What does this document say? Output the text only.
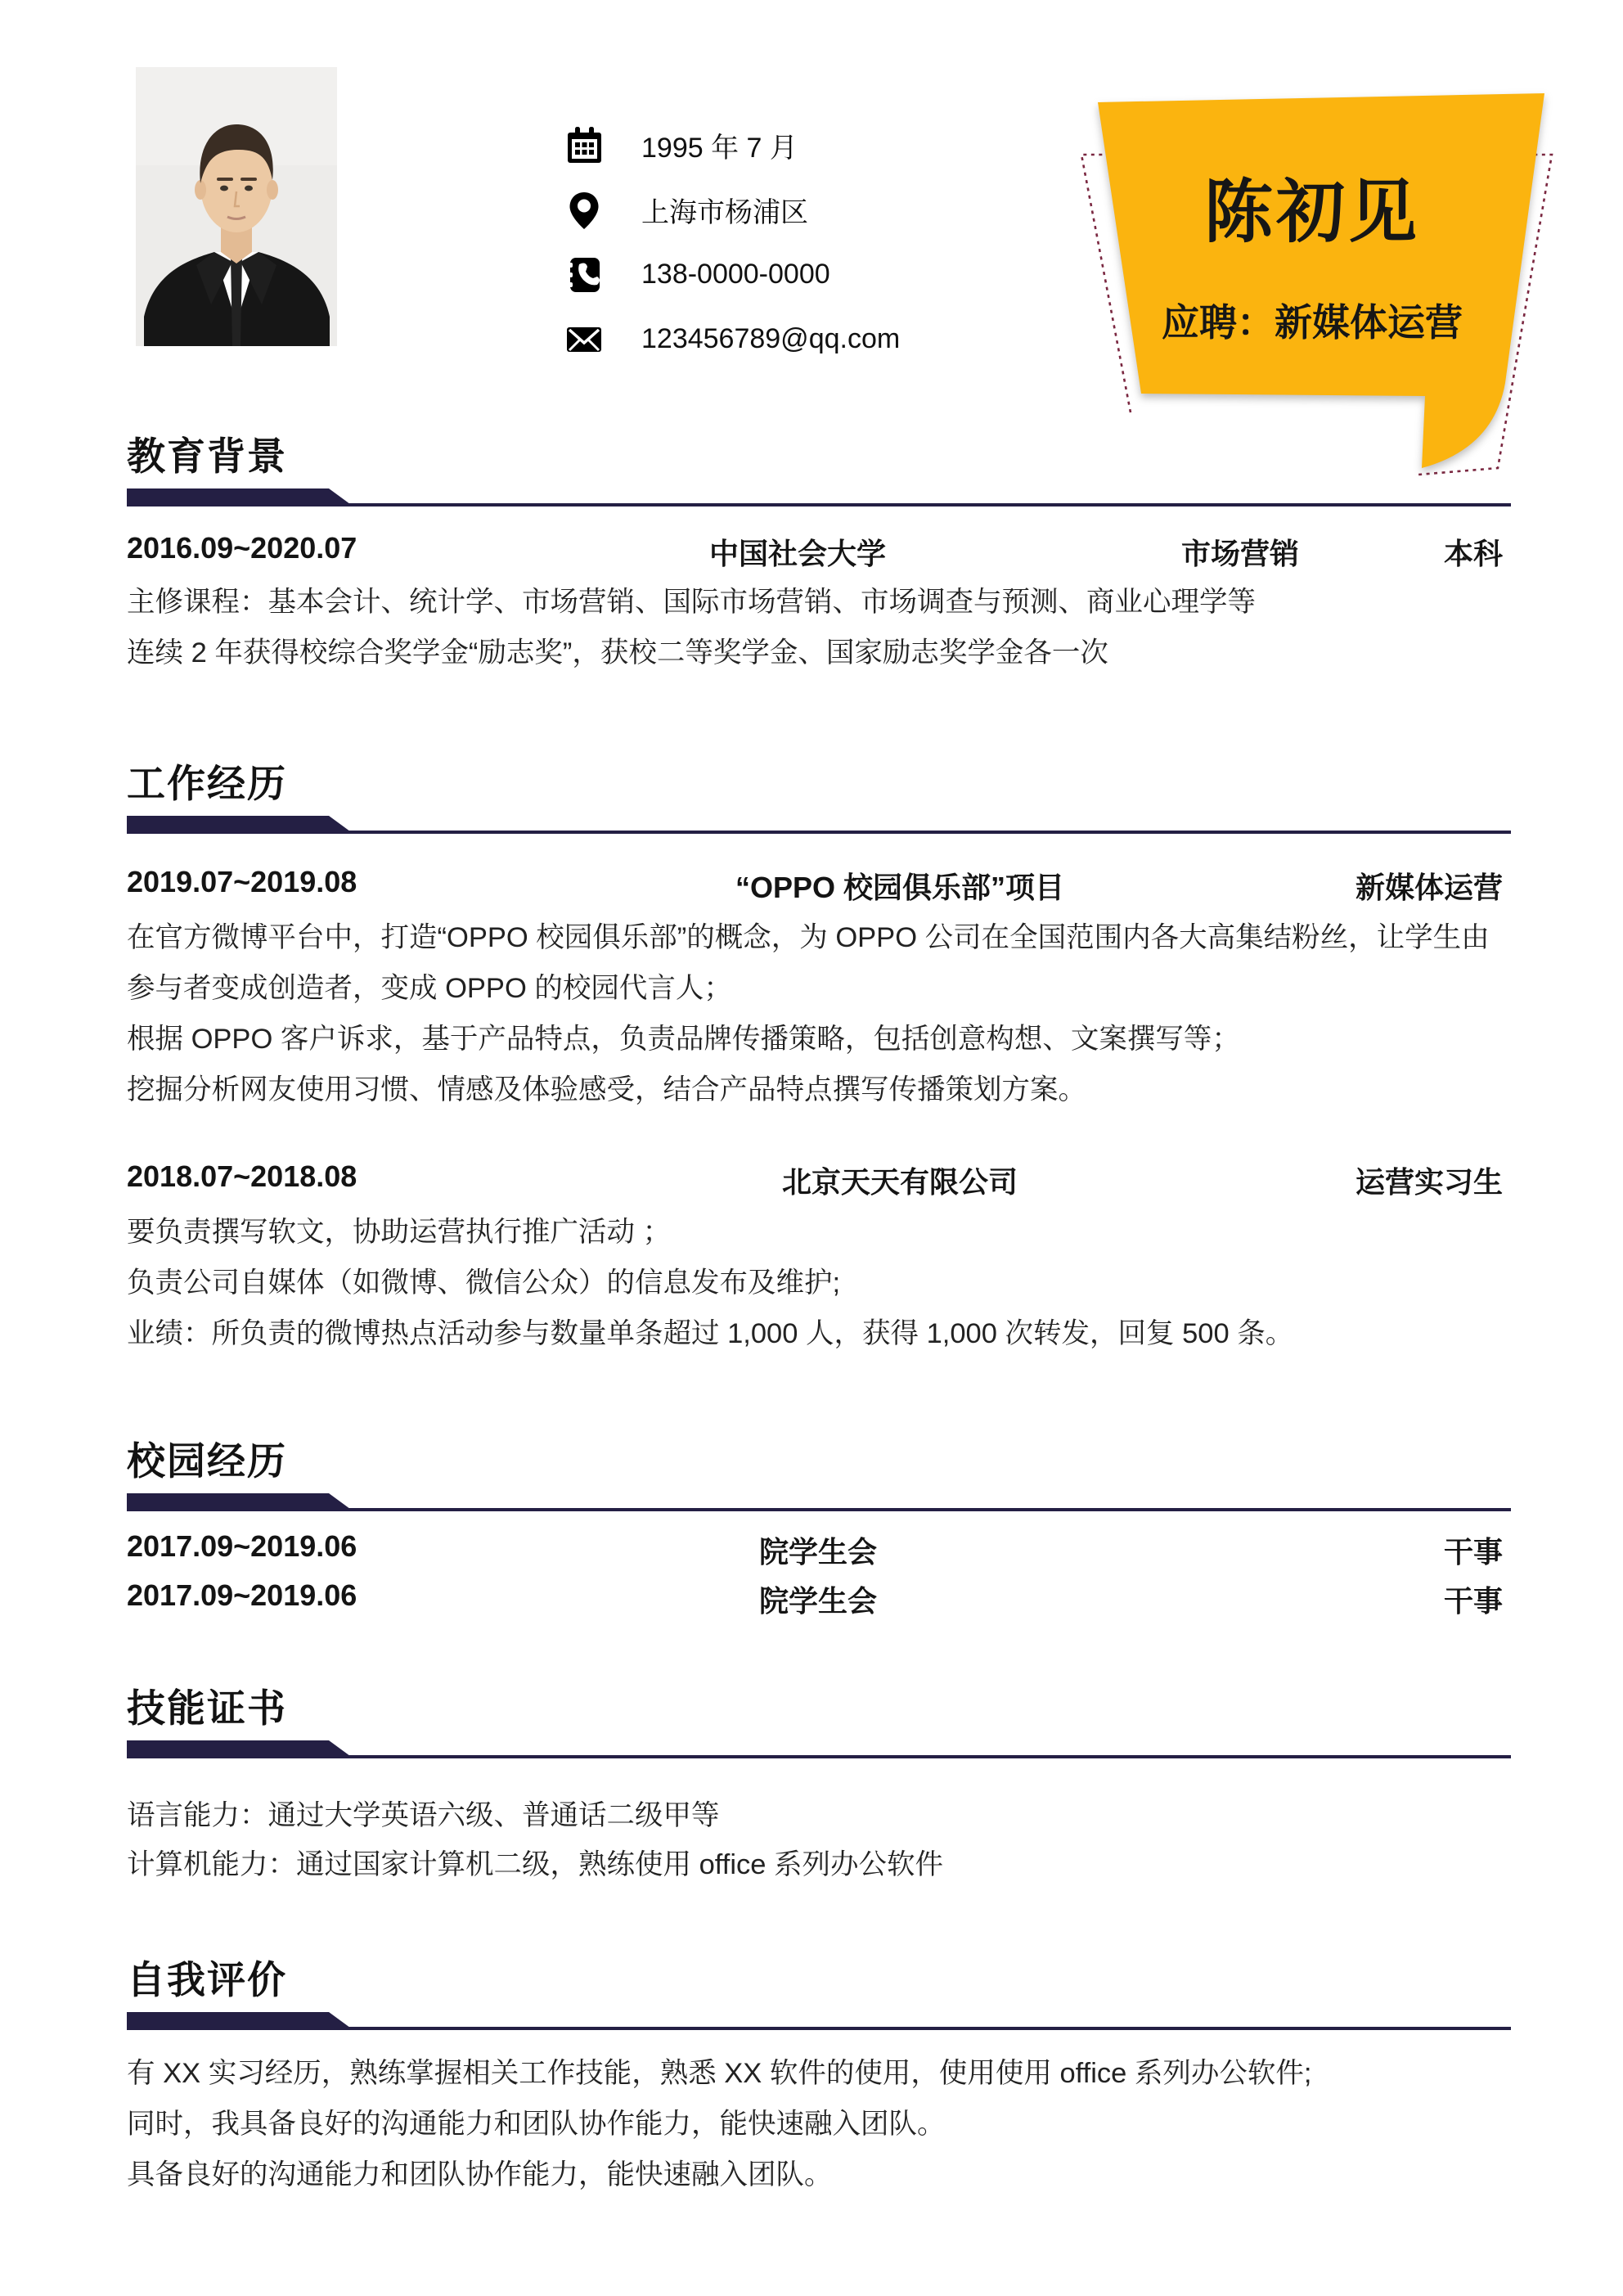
1995 年 7 月
上海市杨浦区
138-0000-0000
123456789@qq.com
陈初见
应聘：新媒体运营
教育背景
2016.09~2020.07	中国社会大学	市场营销	本科

主修课程：基本会计、统计学、市场营销、国际市场营销、市场调查与预测、商业心理学等

连续 2 年获得校综合奖学金“励志奖”，获校二等奖学金、国家励志奖学金各一次

工作经历
2019.07~2019.08	“OPPO 校园俱乐部”项目	新媒体运营

在官方微博平台中，打造“OPPO 校园俱乐部”的概念，为 OPPO 公司在全国范围内各大高集结粉丝，让学生由参与者变成创造者，变成 OPPO 的校园代言人；

根据 OPPO 客户诉求，基于产品特点，负责品牌传播策略，包括创意构想、文案撰写等；

挖掘分析网友使用习惯、情感及体验感受，结合产品特点撰写传播策划方案。

2018.07~2018.08	北京天天有限公司	运营实习生

要负责撰写软文，协助运营执行推广活动 ；

负责公司自媒体（如微博、微信公众）的信息发布及维护;

业绩：所负责的微博热点活动参与数量单条超过 1,000 人，获得 1,000 次转发，回复 500 条。

校园经历
2017.09~2019.06	院学生会	干事
2017.09~2019.06	院学生会	干事
技能证书

语言能力：通过大学英语六级、普通话二级甲等

计算机能力：通过国家计算机二级，熟练使用 office 系列办公软件

自我评价

有 XX 实习经历，熟练掌握相关工作技能，熟悉 XX 软件的使用，使用使用 office 系列办公软件;

同时，我具备良好的沟通能力和团队协作能力，能快速融入团队。

具备良好的沟通能力和团队协作能力，能快速融入团队。
